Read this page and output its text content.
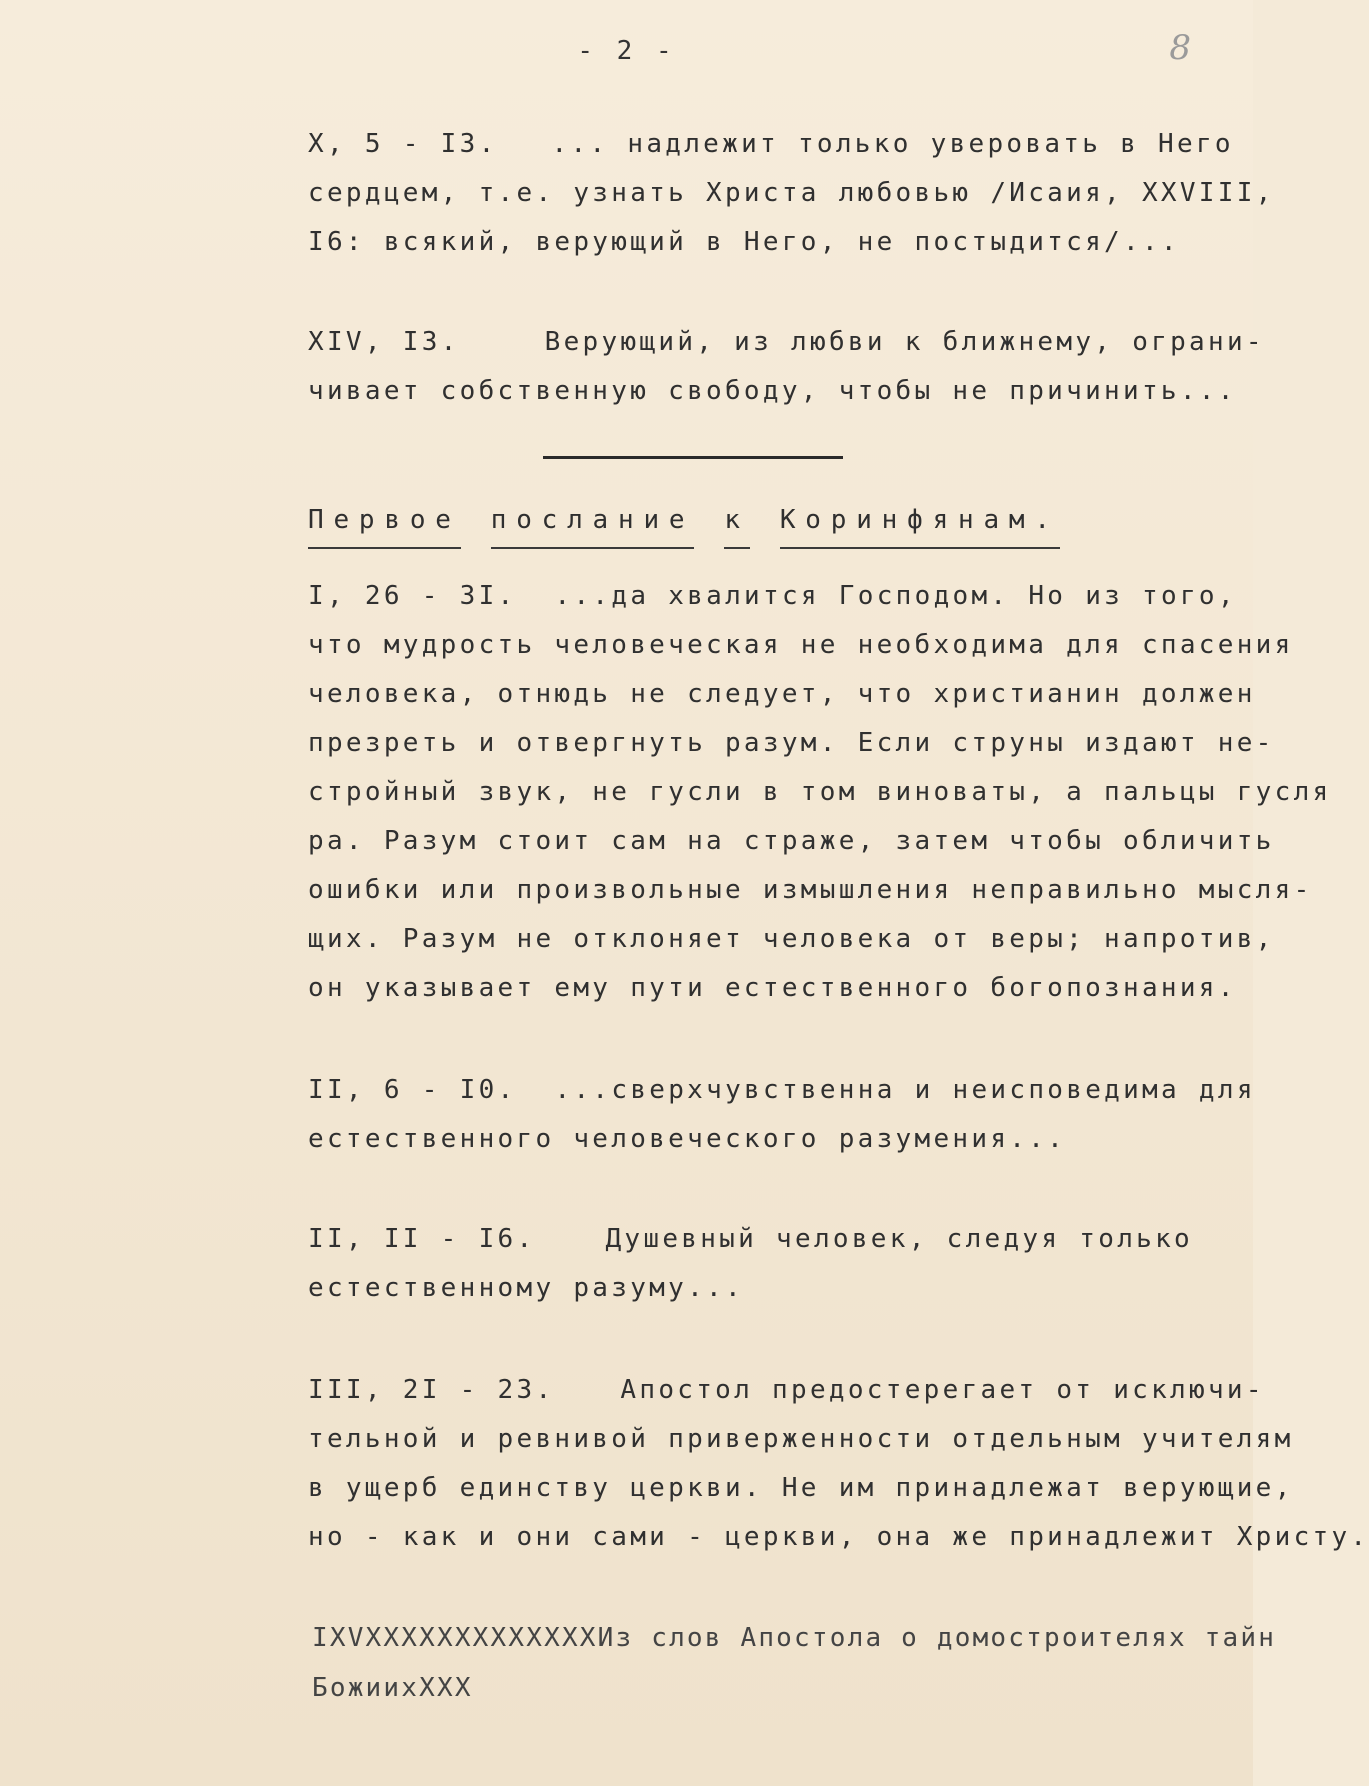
- 2 -	8
X, 5 - I3. ... надлежит только уверовать в Него
сердцем, т.е. узнать Христа любовью /Исаия, XXVIII,
I6: всякий, верующий в Него, не постыдится/...
XIV, I3.	Верующий, из любви к ближнему, ограни-
чивает собственную свободу, чтобы не причинить...
Первое послание к Коринфянам.
I, 26 - 3I. ...да хвалится Господом. Но из того,
что мудрость человеческая не необходима для спасения
человека, отнюдь не следует, что христианин должен
презреть и отвергнуть разум. Если струны издают не-
стройный звук, не гусли в том виноваты, а пальцы гусля
ра. Разум стоит сам на страже, затем чтобы обличить
ошибки или произвольные измышления неправильно мысля-
щих. Разум не отклоняет человека от веры; напротив,
он указывает ему пути естественного богопознания.
II, 6 - I0. ...сверхчувственна и неисповедима для
естественного человеческого разумения...
II, II - I6.	Душевный человек, следуя только
естественному разуму...
III, 2I - 23.	Апостол предостерегает от исключи-
тельной и ревнивой приверженности отдельным учителям
в ущерб единству церкви. Не им принадлежат верующие,
но - как и они сами - церкви, она же принадлежит Христу.
IXVXXXXXXXXXXXXXИз слов Апостола о домостроителях тайн
БожиихXXX
